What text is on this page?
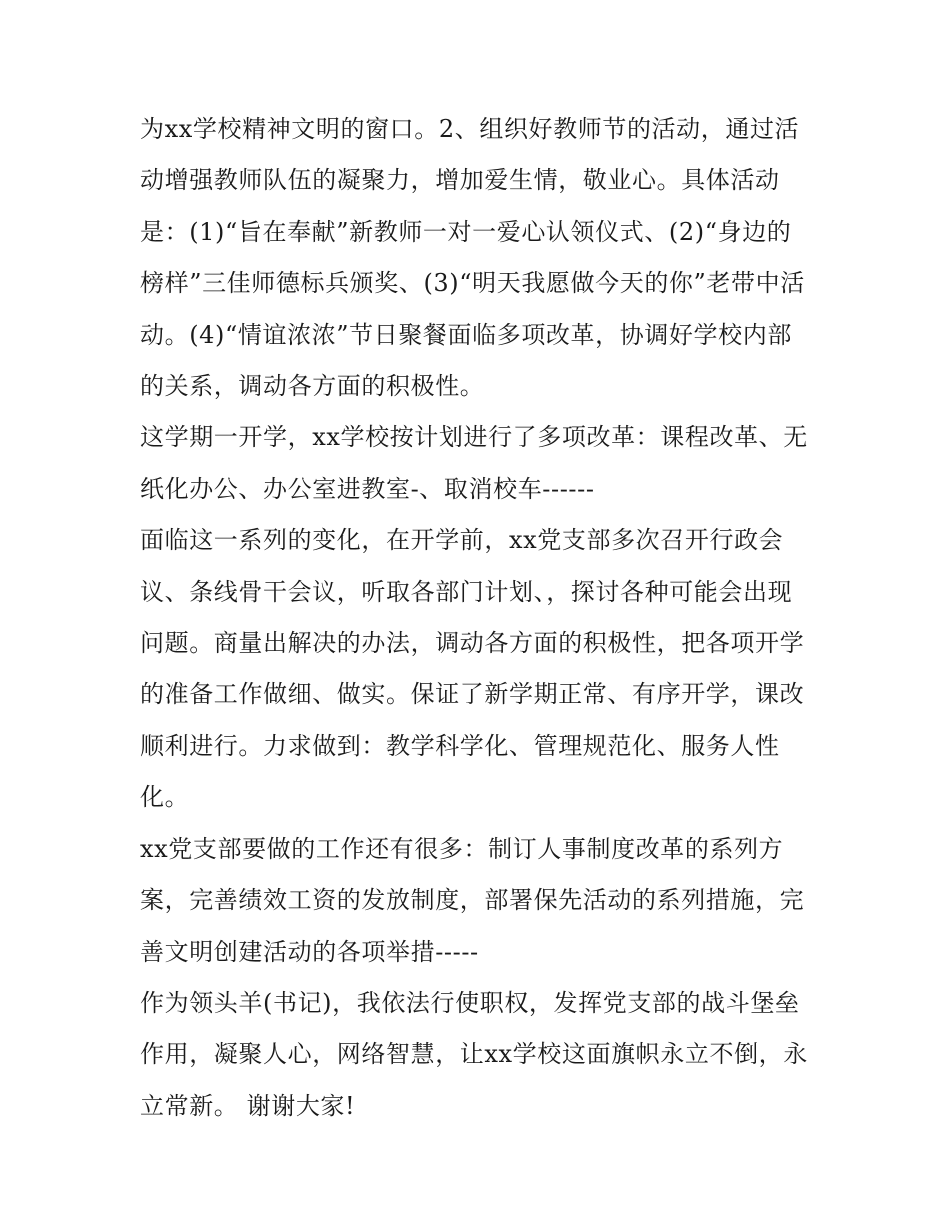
为xx学校精神文明的窗口。2、组织好教师节的活动，通过活动增强教师队伍的凝聚力，增加爱生情，敬业心。具体活动是：(1)“旨在奉献”新教师一对一爱心认领仪式、(2)“身边的榜样”三佳师德标兵颁奖、(3)“明天我愿做今天的你”老带中活动。(4)“情谊浓浓”节日聚餐面临多项改革，协调好学校内部的关系，调动各方面的积极性。

这学期一开学，xx学校按计划进行了多项改革：课程改革、无纸化办公、办公室进教室-、取消校车------

面临这一系列的变化，在开学前，xx党支部多次召开行政会议、条线骨干会议，听取各部门计划、，探讨各种可能会出现问题。商量出解决的办法，调动各方面的积极性，把各项开学的准备工作做细、做实。保证了新学期正常、有序开学，课改顺利进行。力求做到：教学科学化、管理规范化、服务人性化。

xx党支部要做的工作还有很多：制订人事制度改革的系列方案，完善绩效工资的发放制度，部署保先活动的系列措施，完善文明创建活动的各项举措-----

作为领头羊(书记)，我依法行使职权，发挥党支部的战斗堡垒作用，凝聚人心，网络智慧，让xx学校这面旗帜永立不倒，永立常新。 谢谢大家!
